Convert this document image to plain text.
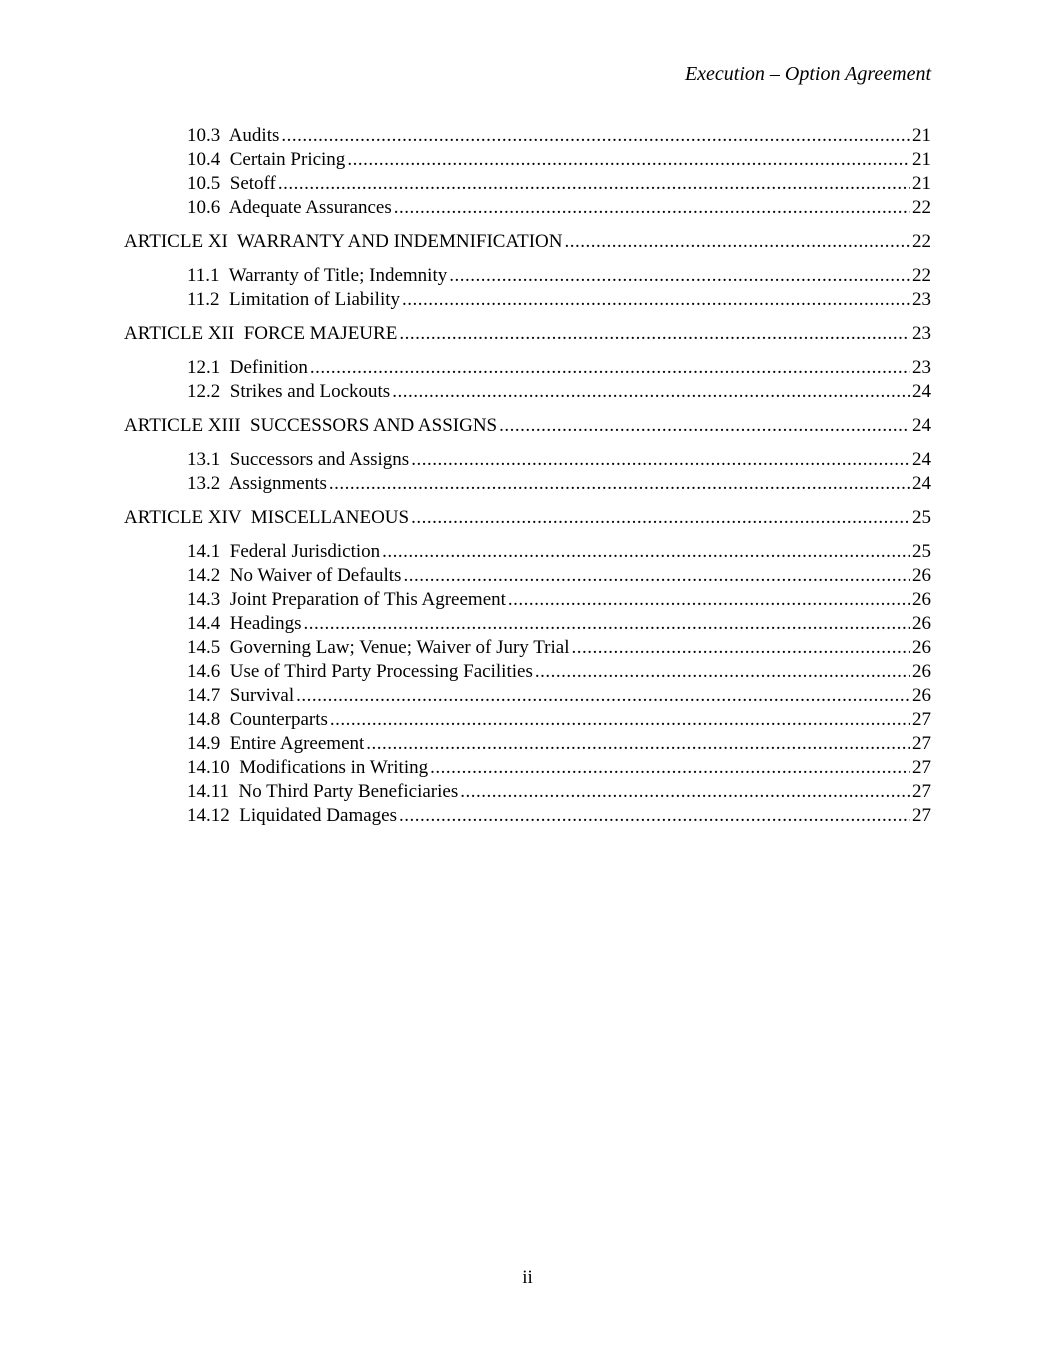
Execution – Option Agreement
10.3  Audits .....	21
10.4  Certain Pricing .....	21
10.5  Setoff .....	21
10.6  Adequate Assurances .....	22
ARTICLE XI  WARRANTY AND INDEMNIFICATION .....	22
11.1  Warranty of Title; Indemnity .....	22
11.2  Limitation of Liability .....	23
ARTICLE XII  FORCE MAJEURE .....	23
12.1  Definition .....	23
12.2  Strikes and Lockouts .....	24
ARTICLE XIII  SUCCESSORS AND ASSIGNS .....	24
13.1  Successors and Assigns .....	24
13.2  Assignments .....	24
ARTICLE XIV  MISCELLANEOUS .....	25
14.1  Federal Jurisdiction .....	25
14.2  No Waiver of Defaults .....	26
14.3  Joint Preparation of This Agreement .....	26
14.4  Headings .....	26
14.5  Governing Law; Venue; Waiver of Jury Trial .....	26
14.6  Use of Third Party Processing Facilities .....	26
14.7  Survival .....	26
14.8  Counterparts .....	27
14.9  Entire Agreement .....	27
14.10  Modifications in Writing .....	27
14.11  No Third Party Beneficiaries .....	27
14.12  Liquidated Damages .....	27
ii
